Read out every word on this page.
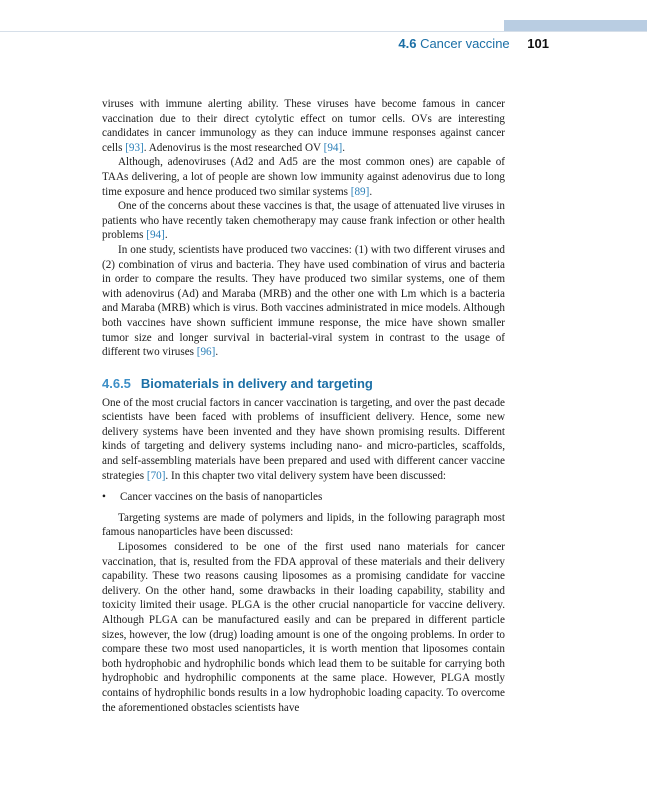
4.6 Cancer vaccine 101

viruses with immune alerting ability. These viruses have become famous in cancer vaccination due to their direct cytolytic effect on tumor cells. OVs are interesting candidates in cancer immunology as they can induce immune responses against cancer cells [93]. Adenovirus is the most researched OV [94].

Although, adenoviruses (Ad2 and Ad5 are the most common ones) are capable of TAAs delivering, a lot of people are shown low immunity against adenovirus due to long time exposure and hence produced two similar systems [89].

One of the concerns about these vaccines is that, the usage of attenuated live viruses in patients who have recently taken chemotherapy may cause frank infection or other health problems [94].

In one study, scientists have produced two vaccines: (1) with two different viruses and (2) combination of virus and bacteria. They have used combination of virus and bacteria in order to compare the results. They have produced two similar systems, one of them with adenovirus (Ad) and Maraba (MRB) and the other one with Lm which is a bacteria and Maraba (MRB) which is virus. Both vaccines administrated in mice models. Although both vaccines have shown sufficient immune response, the mice have shown smaller tumor size and longer survival in bacterial-viral system in contrast to the usage of different two viruses [96].

4.6.5 Biomaterials in delivery and targeting

One of the most crucial factors in cancer vaccination is targeting, and over the past decade scientists have been faced with problems of insufficient delivery. Hence, some new delivery systems have been invented and they have shown promising results. Different kinds of targeting and delivery systems including nano- and micro-particles, scaffolds, and self-assembling materials have been prepared and used with different cancer vaccine strategies [70]. In this chapter two vital delivery system have been discussed:

•	Cancer vaccines on the basis of nanoparticles

Targeting systems are made of polymers and lipids, in the following paragraph most famous nanoparticles have been discussed:

Liposomes considered to be one of the first used nano materials for cancer vaccination, that is, resulted from the FDA approval of these materials and their delivery capability. These two reasons causing liposomes as a promising candidate for vaccine delivery. On the other hand, some drawbacks in their loading capability, stability and toxicity limited their usage. PLGA is the other crucial nanoparticle for vaccine delivery. Although PLGA can be manufactured easily and can be prepared in different particle sizes, however, the low (drug) loading amount is one of the ongoing problems. In order to compare these two most used nanoparticles, it is worth mention that liposomes contain both hydrophobic and hydrophilic bonds which lead them to be suitable for carrying both hydrophobic and hydrophilic components at the same place. However, PLGA mostly contains of hydrophilic bonds results in a low hydrophobic loading capacity. To overcome the aforementioned obstacles scientists have
